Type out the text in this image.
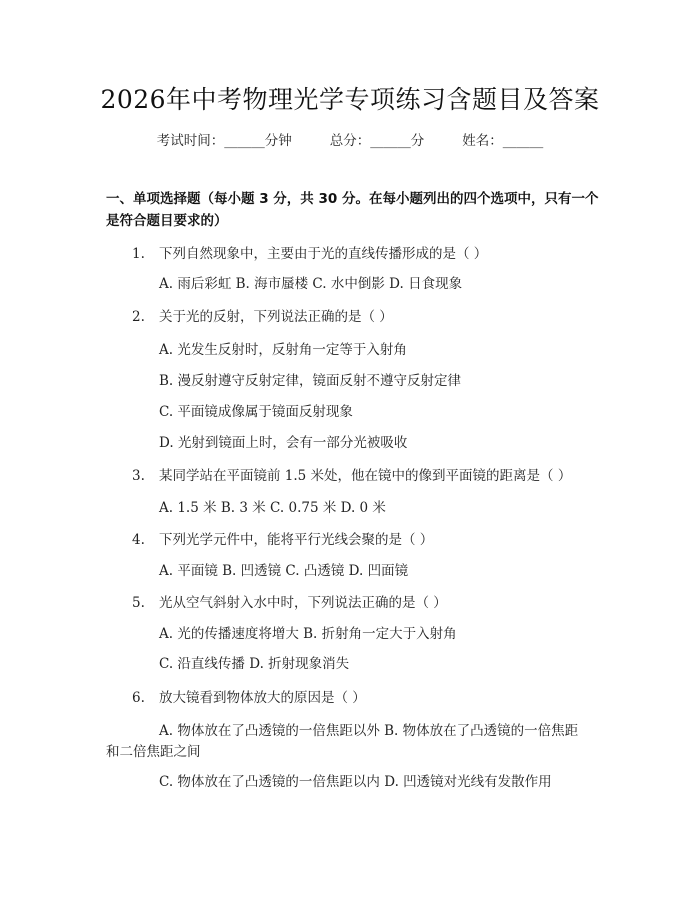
2026年中考物理光学专项练习含题目及答案
考试时间：______分钟	总分：______分	姓名：______
一、单项选择题（每小题 3 分，共 30 分。在每小题列出的四个选项中，只有一个
是符合题目要求的）
1.	下列自然现象中，主要由于光的直线传播形成的是（ ）
A. 雨后彩虹 B. 海市蜃楼 C. 水中倒影 D. 日食现象
2.	关于光的反射，下列说法正确的是（ ）
A. 光发生反射时，反射角一定等于入射角
B. 漫反射遵守反射定律，镜面反射不遵守反射定律
C. 平面镜成像属于镜面反射现象
D. 光射到镜面上时，会有一部分光被吸收
3.	某同学站在平面镜前 1.5 米处，他在镜中的像到平面镜的距离是（ ）
A. 1.5 米 B. 3 米 C. 0.75 米 D. 0 米
4.	下列光学元件中，能将平行光线会聚的是（ ）
A. 平面镜 B. 凹透镜 C. 凸透镜 D. 凹面镜
5.	光从空气斜射入水中时，下列说法正确的是（ ）
A. 光的传播速度将增大 B. 折射角一定大于入射角
C. 沿直线传播 D. 折射现象消失
6.	放大镜看到物体放大的原因是（ ）
A. 物体放在了凸透镜的一倍焦距以外 B. 物体放在了凸透镜的一倍焦距
和二倍焦距之间
C. 物体放在了凸透镜的一倍焦距以内 D. 凹透镜对光线有发散作用
